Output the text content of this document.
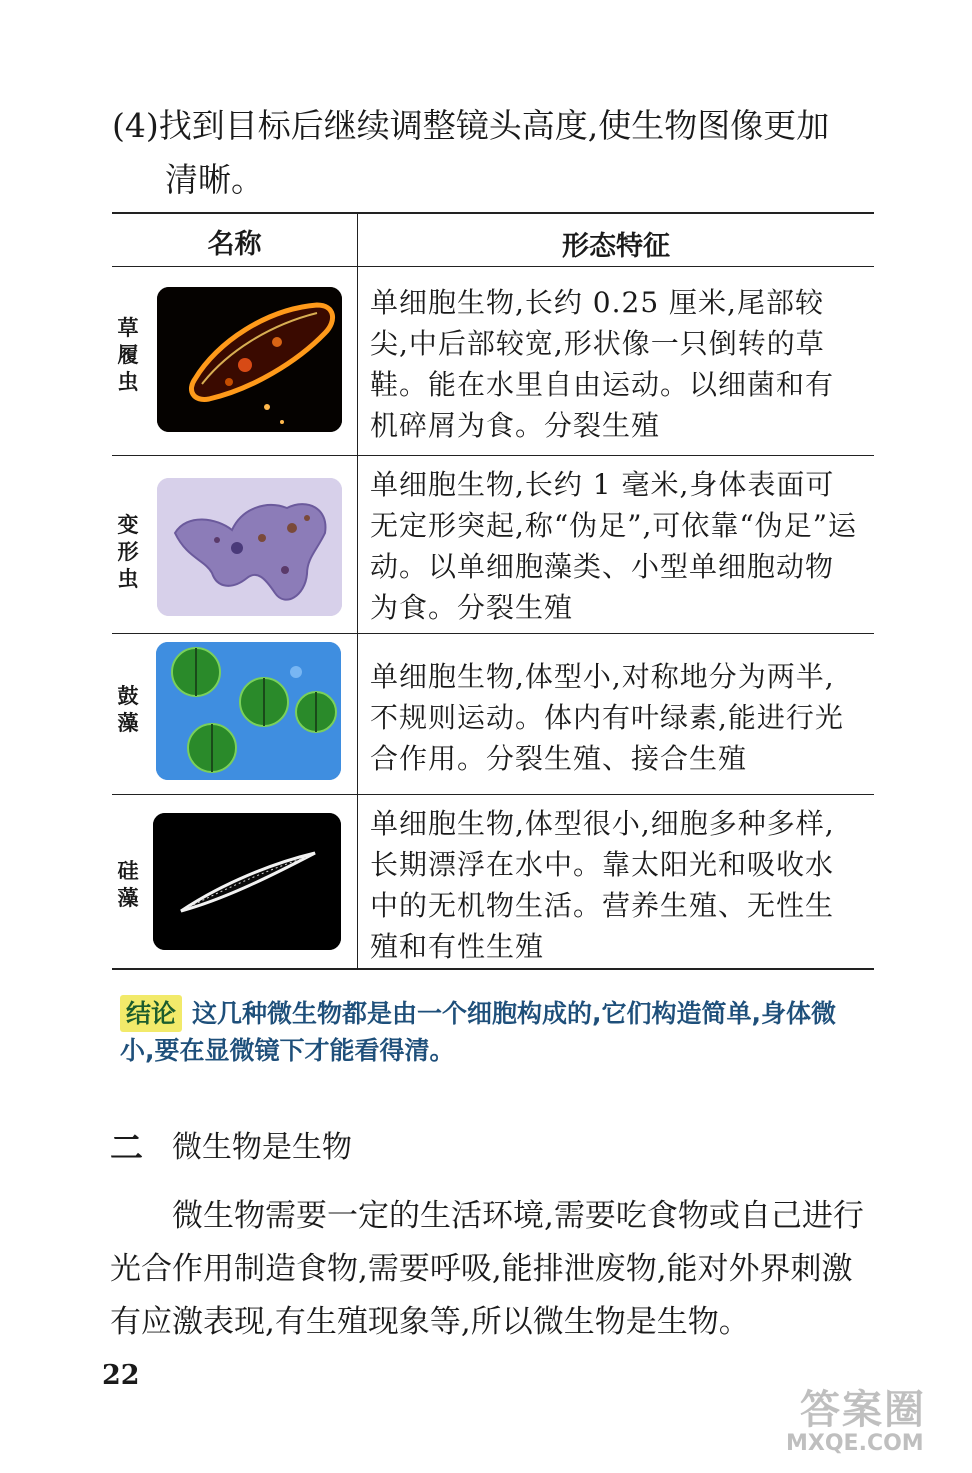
(4)找到目标后继续调整镜头高度,使生物图像更加
清晰。
名称	形态特征
草履虫
单细胞生物,长约 0.25 厘米,尾部较尖,中后部较宽,形状像一只倒转的草鞋。能在水里自由运动。以细菌和有机碎屑为食。分裂生殖
变形虫
单细胞生物,长约 1 毫米,身体表面可无定形突起,称“伪足”,可依靠“伪足”运动。以单细胞藻类、小型单细胞动物为食。分裂生殖
鼓藻
单细胞生物,体型小,对称地分为两半,不规则运动。体内有叶绿素,能进行光合作用。分裂生殖、接合生殖
硅藻
单细胞生物,体型很小,细胞多种多样,长期漂浮在水中。靠太阳光和吸收水中的无机物生活。营养生殖、无性生殖和有性生殖
结论 这几种微生物都是由一个细胞构成的,它们构造简单,身体微小,要在显微镜下才能看得清。
二 微生物是生物
微生物需要一定的生活环境,需要吃食物或自己进行光合作用制造食物,需要呼吸,能排泄废物,能对外界刺激有应激表现,有生殖现象等,所以微生物是生物。
22
答案圈
MXQE.COM
